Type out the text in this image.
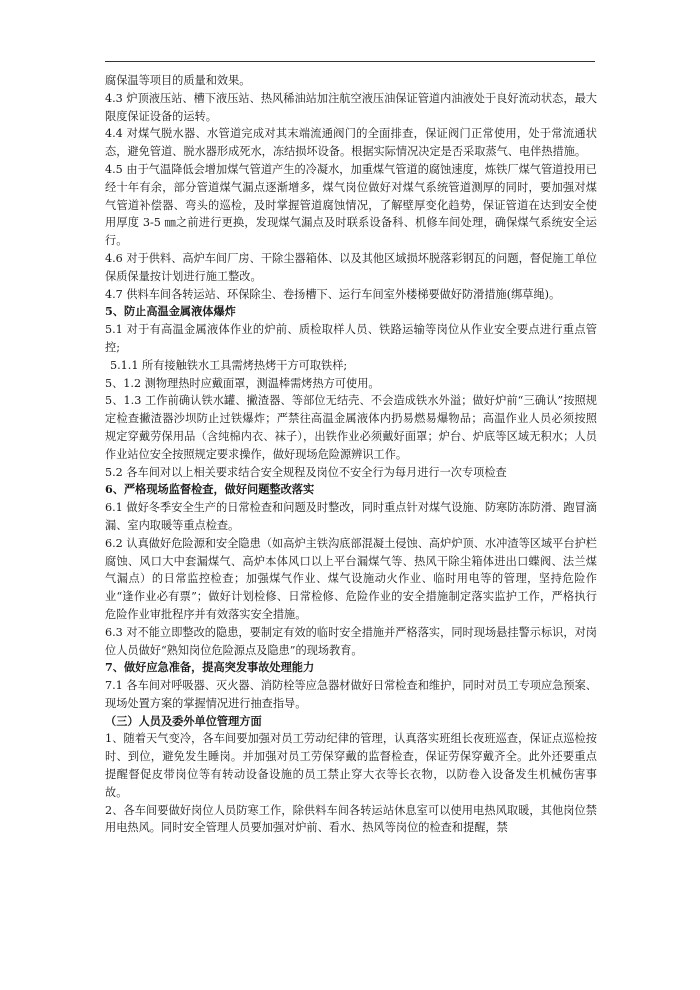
腐保温等项目的质量和效果。

4.3 炉顶液压站、槽下液压站、热风稀油站加注航空液压油保证管道内油液处于良好流动状态，最大限度保证设备的运转。

4.4 对煤气脱水器、水管道完成对其末端流通阀门的全面排查，保证阀门正常使用，处于常流通状态，避免管道、脱水器形成死水，冻结损坏设备。根据实际情况决定是否采取蒸气、电伴热措施。

4.5 由于气温降低会增加煤气管道产生的冷凝水，加重煤气管道的腐蚀速度，炼铁厂煤气管道投用已经十年有余，部分管道煤气漏点逐渐增多，煤气岗位做好对煤气系统管道测厚的同时，要加强对煤气管道补偿器、弯头的巡检，及时掌握管道腐蚀情况，了解壁厚变化趋势，保证管道在达到安全使用厚度 3-5 ㎜之前进行更换，发现煤气漏点及时联系设备科、机修车间处理，确保煤气系统安全运行。

4.6 对于供料、高炉车间厂房、干除尘器箱体、以及其他区域损坏脱落彩钢瓦的问题，督促施工单位保质保量按计划进行施工整改。

4.7 供料车间各转运站、环保除尘、卷扬槽下、运行车间室外楼梯要做好防滑措施(绑草绳)。

5、防止高温金属液体爆炸

5.1 对于有高温金属液体作业的炉前、质检取样人员、铁路运输等岗位从作业安全要点进行重点管控;

5.1.1 所有接触铁水工具需烤热烤干方可取铁样;

5、1.2 测物理热时应戴面罩，测温棒需烤热方可使用。

5、1.3 工作前确认铁水罐、撇渣器、等部位无结壳、不会造成铁水外溢；做好炉前“三确认”按照规定检查撇渣器沙坝防止过铁爆炸；严禁往高温金属液体内扔易燃易爆物品；高温作业人员必须按照规定穿戴劳保用品（含纯棉内衣、袜子），出铁作业必须戴好面罩；炉台、炉底等区域无积水；人员作业站位安全按照规定要求操作，做好现场危险源辨识工作。

5.2 各车间对以上相关要求结合安全规程及岗位不安全行为每月进行一次专项检查

6、严格现场监督检查，做好问题整改落实

6.1 做好冬季安全生产的日常检查和问题及时整改，同时重点针对煤气设施、防寒防冻防滑、跑冒滴漏、室内取暖等重点检查。

6.2 认真做好危险源和安全隐患（如高炉主铁沟底部混凝土侵蚀、高炉炉顶、水冲渣等区域平台护栏腐蚀、风口大中套漏煤气、高炉本体风口以上平台漏煤气等、热风干除尘箱体进出口蝶阀、法兰煤气漏点）的日常监控检查；加强煤气作业、煤气设施动火作业、临时用电等的管理，坚持危险作业“逢作业必有票”；做好计划检修、日常检修、危险作业的安全措施制定落实监护工作，严格执行危险作业审批程序并有效落实安全措施。

6.3 对不能立即整改的隐患，要制定有效的临时安全措施并严格落实，同时现场悬挂警示标识，对岗位人员做好“熟知岗位危险源点及隐患”的现场教育。

7、做好应急准备，提高突发事故处理能力

7.1 各车间对呼吸器、灭火器、消防栓等应急器材做好日常检查和维护，同时对员工专项应急预案、现场处置方案的掌握情况进行抽查指导。

（三）人员及委外单位管理方面

1、随着天气变冷，各车间要加强对员工劳动纪律的管理，认真落实班组长夜班巡查，保证点巡检按时、到位，避免发生睡岗。并加强对员工劳保穿戴的监督检查，保证劳保穿戴齐全。此外还要重点提醒督促皮带岗位等有转动设备设施的员工禁止穿大衣等长衣物，以防卷入设备发生机械伤害事故。

2、各车间要做好岗位人员防寒工作，除供料车间各转运站休息室可以使用电热风取暖，其他岗位禁用电热风。同时安全管理人员要加强对炉前、看水、热风等岗位的检查和提醒，禁
